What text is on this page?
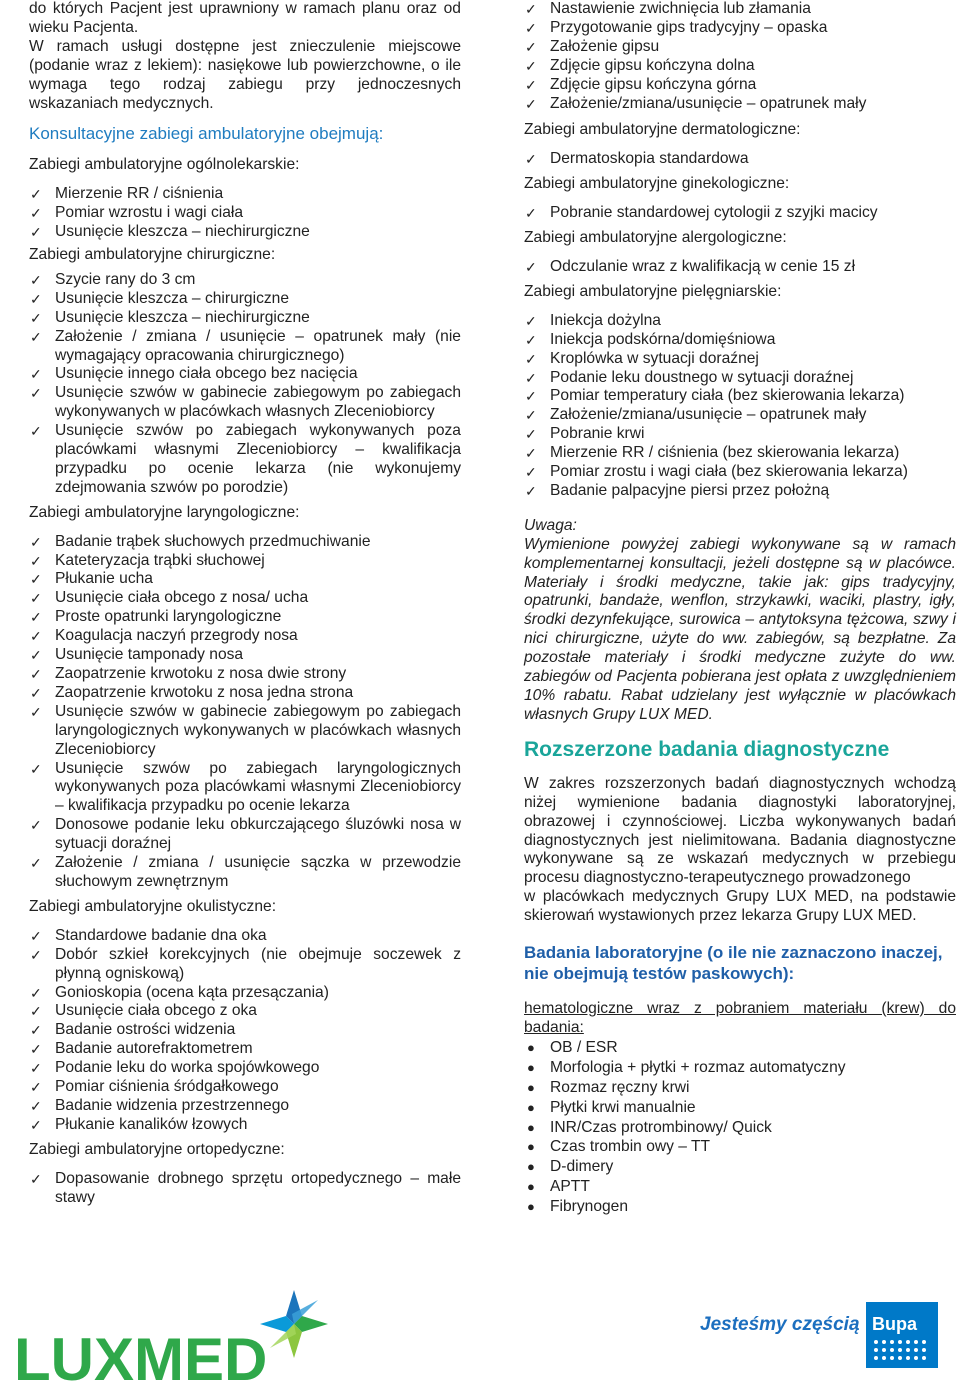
do których Pacjent jest uprawniony w ramach planu oraz od wieku Pacjenta.

W ramach usługi dostępne jest znieczulenie miejscowe (podanie wraz z lekiem): nasiękowe lub powierzchowne, o ile wymaga tego rodzaj zabiegu przy jednoczesnych wskazaniach medycznych.

Konsultacyjne zabiegi ambulatoryjne obejmują:

Zabiegi ambulatoryjne ogólnolekarskie:

✓ Mierzenie RR / ciśnienia
✓ Pomiar wzrostu i wagi ciała
✓ Usunięcie kleszcza – niechirurgiczne

Zabiegi ambulatoryjne chirurgiczne:

✓ Szycie rany do 3 cm
✓ Usunięcie kleszcza – chirurgiczne
✓ Usunięcie kleszcza – niechirurgiczne
✓ Założenie / zmiana / usunięcie – opatrunek mały (nie wymagający opracowania chirurgicznego)
✓ Usunięcie innego ciała obcego bez nacięcia
✓ Usunięcie szwów w gabinecie zabiegowym po zabiegach wykonywanych w placówkach własnych Zleceniobiorcy
✓ Usunięcie szwów po zabiegach wykonywanych poza placówkami własnymi Zleceniobiorcy – kwalifikacja przypadku po ocenie lekarza (nie wykonujemy zdejmowania szwów po porodzie)

Zabiegi ambulatoryjne laryngologiczne:

✓ Badanie trąbek słuchowych przedmuchiwanie
✓ Kateteryzacja trąbki słuchowej
✓ Płukanie ucha
✓ Usunięcie ciała obcego z nosa/ ucha
✓ Proste opatrunki laryngologiczne
✓ Koagulacja naczyń przegrody nosa
✓ Usunięcie tamponady nosa
✓ Zaopatrzenie krwotoku z nosa dwie strony
✓ Zaopatrzenie krwotoku z nosa jedna strona
✓ Usunięcie szwów w gabinecie zabiegowym po zabiegach laryngologicznych wykonywanych w placówkach własnych Zleceniobiorcy
✓ Usunięcie szwów po zabiegach laryngologicznych wykonywanych poza placówkami własnymi Zleceniobiorcy – kwalifikacja przypadku po ocenie lekarza
✓ Donosowe podanie leku obkurczającego śluzówki nosa w sytuacji doraźnej
✓ Założenie / zmiana / usunięcie sączka w przewodzie słuchowym zewnętrznym

Zabiegi ambulatoryjne okulistyczne:

✓ Standardowe badanie dna oka
✓ Dobór szkieł korekcyjnych (nie obejmuje soczewek z płynną ogniskową)
✓ Gonioskopia (ocena kąta przesączania)
✓ Usunięcie ciała obcego z oka
✓ Badanie ostrości widzenia
✓ Badanie autorefraktometrem
✓ Podanie leku do worka spojówkowego
✓ Pomiar ciśnienia śródgałkowego
✓ Badanie widzenia przestrzennego
✓ Płukanie kanalików łzowych

Zabiegi ambulatoryjne ortopedyczne:

✓ Dopasowanie drobnego sprzętu ortopedycznego – małe stawy
✓ Nastawienie zwichnięcia lub złamania
✓ Przygotowanie gips tradycyjny – opaska
✓ Założenie gipsu
✓ Zdjęcie gipsu kończyna dolna
✓ Zdjęcie gipsu kończyna górna
✓ Założenie/zmiana/usunięcie – opatrunek mały

Zabiegi ambulatoryjne dermatologiczne:

✓ Dermatoskopia standardowa

Zabiegi ambulatoryjne ginekologiczne:

✓ Pobranie standardowej cytologii z szyjki macicy

Zabiegi ambulatoryjne alergologiczne:

✓ Odczulanie wraz z kwalifikacją w cenie 15 zł

Zabiegi ambulatoryjne pielęgniarskie:

✓ Iniekcja dożylna
✓ Iniekcja podskórna/domięśniowa
✓ Kroplówka w sytuacji doraźnej
✓ Podanie leku doustnego w sytuacji doraźnej
✓ Pomiar temperatury ciała (bez skierowania lekarza)
✓ Założenie/zmiana/usunięcie – opatrunek mały
✓ Pobranie krwi
✓ Mierzenie RR / ciśnienia (bez skierowania lekarza)
✓ Pomiar zrostu i wagi ciała (bez skierowania lekarza)
✓ Badanie palpacyjne piersi przez położną

Uwaga:

Wymienione powyżej zabiegi wykonywane są w ramach komplementarnej konsultacji, jeżeli dostępne są w placówce. Materiały i środki medyczne, takie jak: gips tradycyjny, opatrunki, bandaże, wenflon, strzykawki, waciki, plastry, igły, środki dezynfekujące, surowica – antytoksyna tężcowa, szwy i nici chirurgiczne, użyte do ww. zabiegów, są bezpłatne. Za pozostałe materiały i środki medyczne zużyte do ww. zabiegów od Pacjenta pobierana jest opłata z uwzględnieniem 10% rabatu. Rabat udzielany jest wyłącznie w placówkach własnych Grupy LUX MED.

Rozszerzone badania diagnostyczne

W zakres rozszerzonych badań diagnostycznych wchodzą niżej wymienione badania diagnostyki laboratoryjnej, obrazowej i czynnościowej. Liczba wykonywanych badań diagnostycznych jest nielimitowana. Badania diagnostyczne wykonywane są ze wskazań medycznych w przebiegu procesu diagnostyczno-terapeutycznego prowadzonego

w placówkach medycznych Grupy LUX MED, na podstawie skierowań wystawionych przez lekarza Grupy LUX MED.

Badania laboratoryjne (o ile nie zaznaczono inaczej, nie obejmują testów paskowych):

hematologiczne wraz z pobraniem materiału (krew) do badania:

● OB / ESR
● Morfologia + płytki + rozmaz automatyczny
● Rozmaz ręczny krwi
● Płytki krwi manualnie
● INR/Czas protrombinowy/ Quick
● Czas trombin owy – TT
● D-dimery
● APTT
● Fibrynogen
LUXMED
Jesteśmy częścią Bupa
